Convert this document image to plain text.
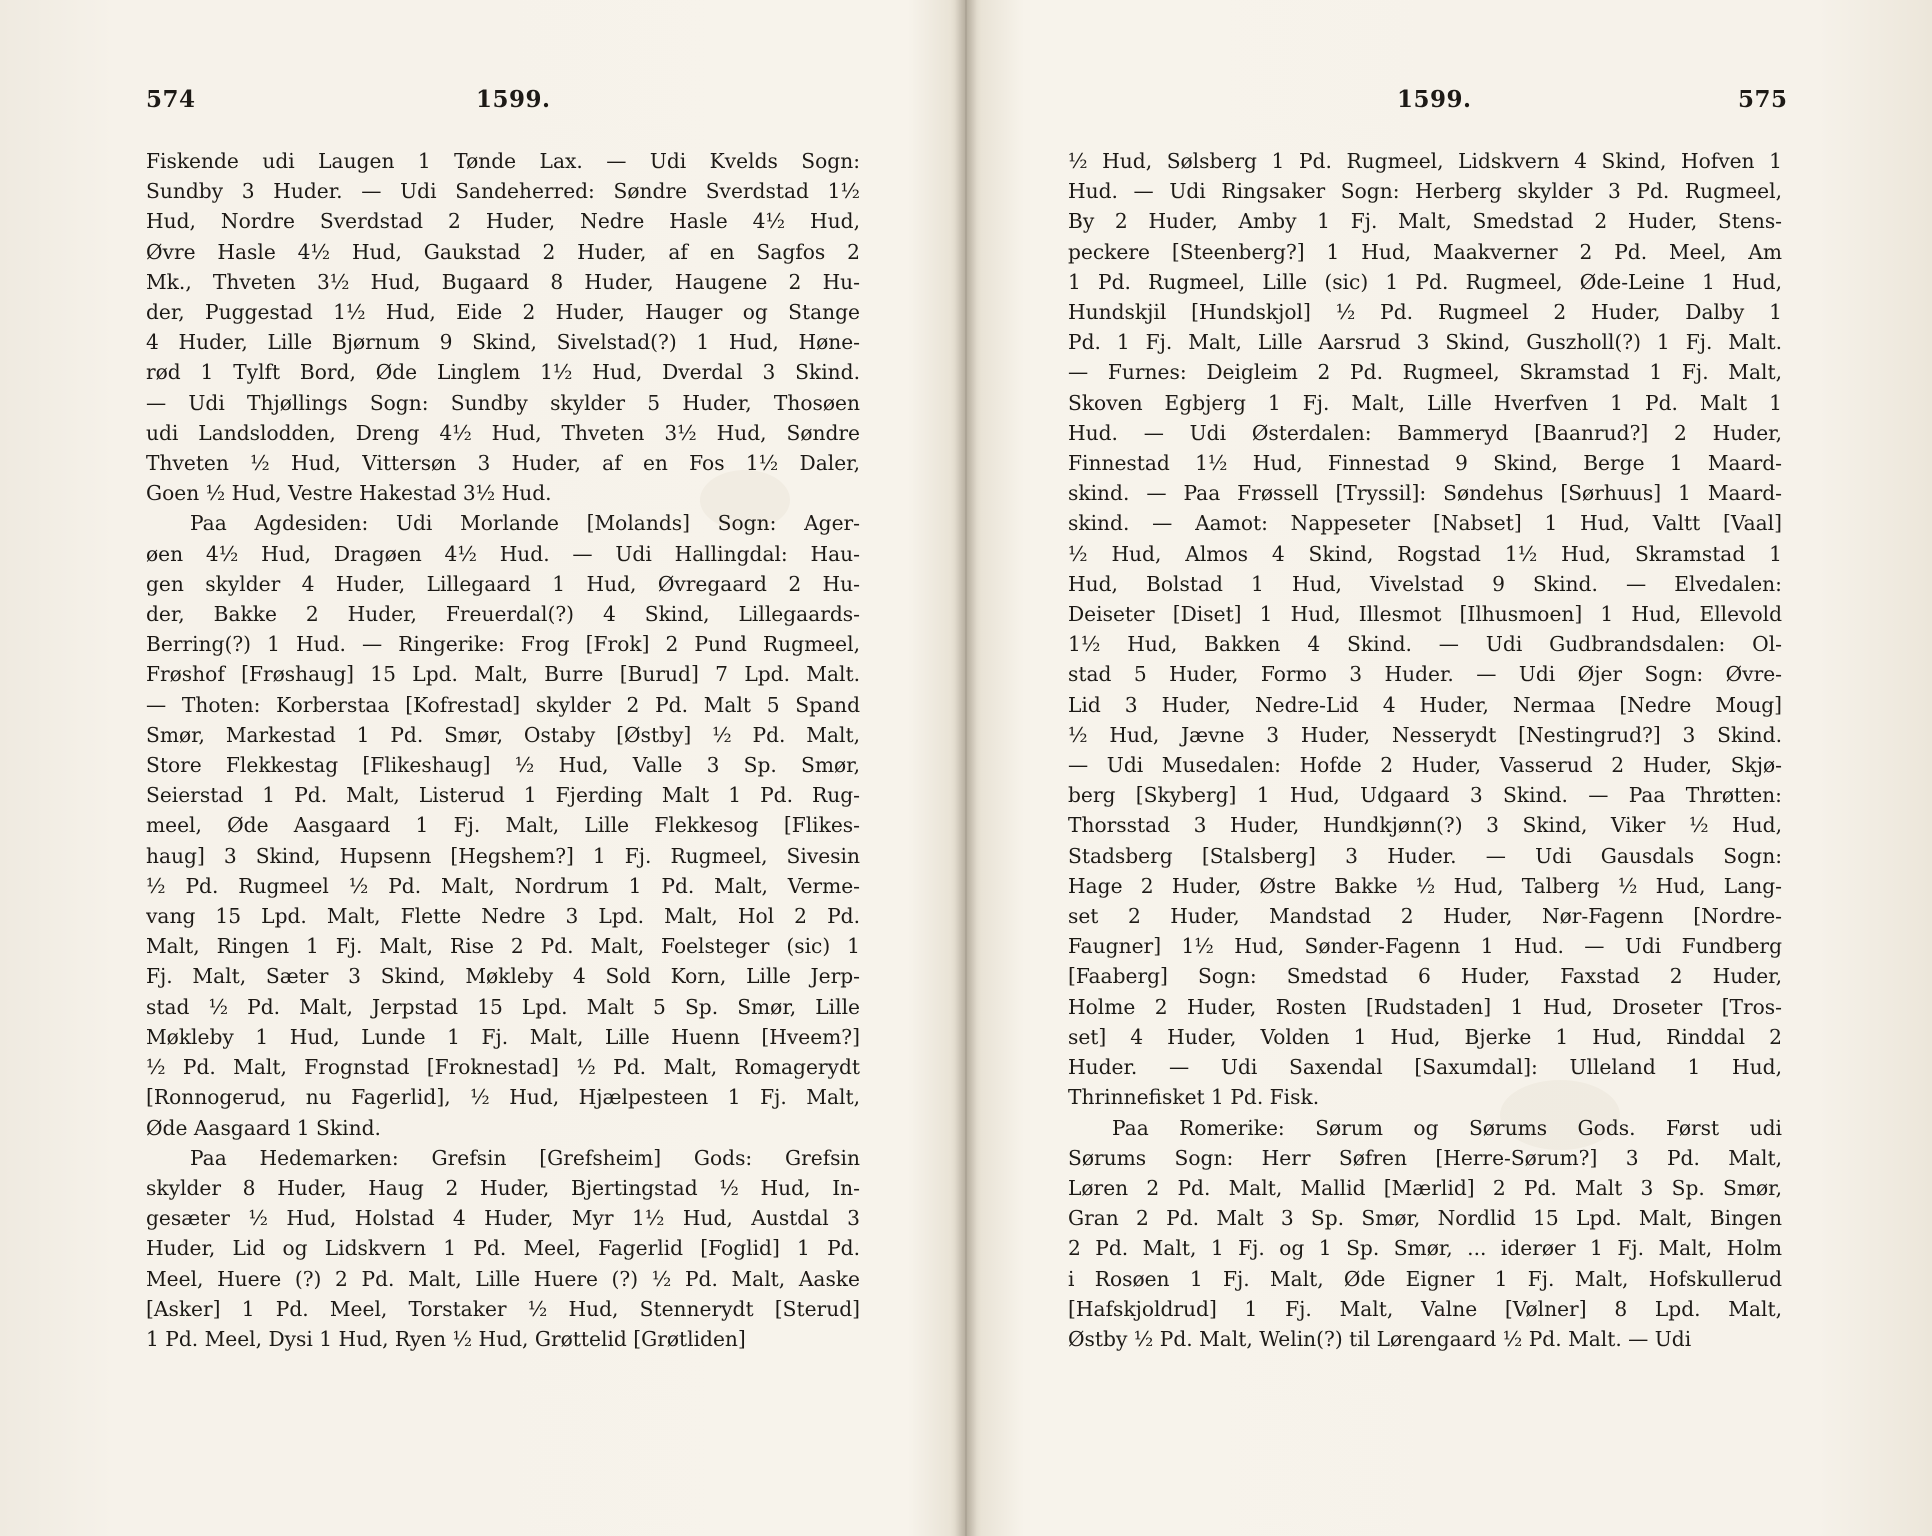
574	1599.
Fiskende udi Laugen 1 Tønde Lax. — Udi Kvelds Sogn:
Sundby 3 Huder. — Udi Sandeherred: Søndre Sverdstad 1½
Hud, Nordre Sverdstad 2 Huder, Nedre Hasle 4½ Hud,
Øvre Hasle 4½ Hud, Gaukstad 2 Huder, af en Sagfos 2
Mk., Thveten 3½ Hud, Bugaard 8 Huder, Haugene 2 Hu-
der, Puggestad 1½ Hud, Eide 2 Huder, Hauger og Stange
4 Huder, Lille Bjørnum 9 Skind, Sivelstad(?) 1 Hud, Høne-
rød 1 Tylft Bord, Øde Linglem 1½ Hud, Dverdal 3 Skind.
— Udi Thjøllings Sogn: Sundby skylder 5 Huder, Thosøen
udi Landslodden, Dreng 4½ Hud, Thveten 3½ Hud, Søndre
Thveten ½ Hud, Vittersøn 3 Huder, af en Fos 1½ Daler,
Goen ½ Hud, Vestre Hakestad 3½ Hud.
Paa Agdesiden: Udi Morlande [Molands] Sogn: Ager-
øen 4½ Hud, Dragøen 4½ Hud. — Udi Hallingdal: Hau-
gen skylder 4 Huder, Lillegaard 1 Hud, Øvregaard 2 Hu-
der, Bakke 2 Huder, Freuerdal(?) 4 Skind, Lillegaards-
Berring(?) 1 Hud. — Ringerike: Frog [Frok] 2 Pund Rugmeel,
Frøshof [Frøshaug] 15 Lpd. Malt, Burre [Burud] 7 Lpd. Malt.
— Thoten: Korberstaa [Kofrestad] skylder 2 Pd. Malt 5 Spand
Smør, Markestad 1 Pd. Smør, Ostaby [Østby] ½ Pd. Malt,
Store Flekkestag [Flikeshaug] ½ Hud, Valle 3 Sp. Smør,
Seierstad 1 Pd. Malt, Listerud 1 Fjerding Malt 1 Pd. Rug-
meel, Øde Aasgaard 1 Fj. Malt, Lille Flekkesog [Flikes-
haug] 3 Skind, Hupsenn [Hegshem?] 1 Fj. Rugmeel, Sivesin
½ Pd. Rugmeel ½ Pd. Malt, Nordrum 1 Pd. Malt, Verme-
vang 15 Lpd. Malt, Flette Nedre 3 Lpd. Malt, Hol 2 Pd.
Malt, Ringen 1 Fj. Malt, Rise 2 Pd. Malt, Foelsteger (sic) 1
Fj. Malt, Sæter 3 Skind, Møkleby 4 Sold Korn, Lille Jerp-
stad ½ Pd. Malt, Jerpstad 15 Lpd. Malt 5 Sp. Smør, Lille
Møkleby 1 Hud, Lunde 1 Fj. Malt, Lille Huenn [Hveem?]
½ Pd. Malt, Frognstad [Froknestad] ½ Pd. Malt, Romagerydt
[Ronnogerud, nu Fagerlid], ½ Hud, Hjælpesteen 1 Fj. Malt,
Øde Aasgaard 1 Skind.
Paa Hedemarken: Grefsin [Grefsheim] Gods: Grefsin
skylder 8 Huder, Haug 2 Huder, Bjertingstad ½ Hud, In-
gesæter ½ Hud, Holstad 4 Huder, Myr 1½ Hud, Austdal 3
Huder, Lid og Lidskvern 1 Pd. Meel, Fagerlid [Foglid] 1 Pd.
Meel, Huere (?) 2 Pd. Malt, Lille Huere (?) ½ Pd. Malt, Aaske
[Asker] 1 Pd. Meel, Torstaker ½ Hud, Stennerydt [Sterud]
1 Pd. Meel, Dysi 1 Hud, Ryen ½ Hud, Grøttelid [Grøtliden]
1599.	575
½ Hud, Sølsberg 1 Pd. Rugmeel, Lidskvern 4 Skind, Hofven 1
Hud. — Udi Ringsaker Sogn: Herberg skylder 3 Pd. Rugmeel,
By 2 Huder, Amby 1 Fj. Malt, Smedstad 2 Huder, Stens-
peckere [Steenberg?] 1 Hud, Maakverner 2 Pd. Meel, Am
1 Pd. Rugmeel, Lille (sic) 1 Pd. Rugmeel, Øde-Leine 1 Hud,
Hundskjil [Hundskjol] ½ Pd. Rugmeel 2 Huder, Dalby 1
Pd. 1 Fj. Malt, Lille Aarsrud 3 Skind, Guszholl(?) 1 Fj. Malt.
— Furnes: Deigleim 2 Pd. Rugmeel, Skramstad 1 Fj. Malt,
Skoven Egbjerg 1 Fj. Malt, Lille Hverfven 1 Pd. Malt 1
Hud. — Udi Østerdalen: Bammeryd [Baanrud?] 2 Huder,
Finnestad 1½ Hud, Finnestad 9 Skind, Berge 1 Maard-
skind. — Paa Frøssell [Tryssil]: Søndehus [Sørhuus] 1 Maard-
skind. — Aamot: Nappeseter [Nabset] 1 Hud, Valtt [Vaal]
½ Hud, Almos 4 Skind, Rogstad 1½ Hud, Skramstad 1
Hud, Bolstad 1 Hud, Vivelstad 9 Skind. — Elvedalen:
Deiseter [Diset] 1 Hud, Illesmot [Ilhusmoen] 1 Hud, Ellevold
1½ Hud, Bakken 4 Skind. — Udi Gudbrandsdalen: Ol-
stad 5 Huder, Formo 3 Huder. — Udi Øjer Sogn: Øvre-
Lid 3 Huder, Nedre-Lid 4 Huder, Nermaa [Nedre Moug]
½ Hud, Jævne 3 Huder, Nesserydt [Nestingrud?] 3 Skind.
— Udi Musedalen: Hofde 2 Huder, Vasserud 2 Huder, Skjø-
berg [Skyberg] 1 Hud, Udgaard 3 Skind. — Paa Thrøtten:
Thorsstad 3 Huder, Hundkjønn(?) 3 Skind, Viker ½ Hud,
Stadsberg [Stalsberg] 3 Huder. — Udi Gausdals Sogn:
Hage 2 Huder, Østre Bakke ½ Hud, Talberg ½ Hud, Lang-
set 2 Huder, Mandstad 2 Huder, Nør-Fagenn [Nordre-
Faugner] 1½ Hud, Sønder-Fagenn 1 Hud. — Udi Fundberg
[Faaberg] Sogn: Smedstad 6 Huder, Faxstad 2 Huder,
Holme 2 Huder, Rosten [Rudstaden] 1 Hud, Droseter [Tros-
set] 4 Huder, Volden 1 Hud, Bjerke 1 Hud, Rinddal 2
Huder. — Udi Saxendal [Saxumdal]: Ulleland 1 Hud,
Thrinnefisket 1 Pd. Fisk.
Paa Romerike: Sørum og Sørums Gods. Først udi
Sørums Sogn: Herr Søfren [Herre-Sørum?] 3 Pd. Malt,
Løren 2 Pd. Malt, Mallid [Mærlid] 2 Pd. Malt 3 Sp. Smør,
Gran 2 Pd. Malt 3 Sp. Smør, Nordlid 15 Lpd. Malt, Bingen
2 Pd. Malt, 1 Fj. og 1 Sp. Smør, ... iderøer 1 Fj. Malt, Holm
i Rosøen 1 Fj. Malt, Øde Eigner 1 Fj. Malt, Hofskullerud
[Hafskjoldrud] 1 Fj. Malt, Valne [Vølner] 8 Lpd. Malt,
Østby ½ Pd. Malt, Welin(?) til Lørengaard ½ Pd. Malt. — Udi
